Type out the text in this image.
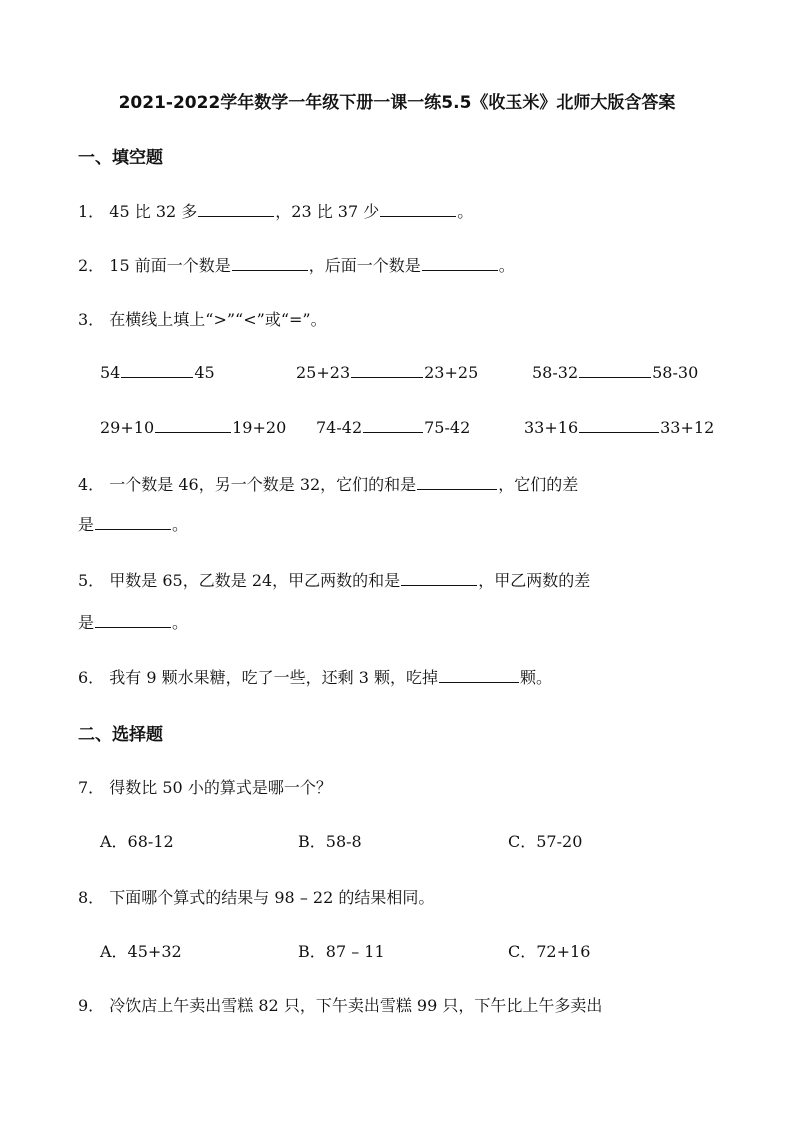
2021-2022学年数学一年级下册一课一练5.5《收玉米》北师大版含答案
一、填空题
1． 45 比 32 多	，23 比 37 少	。
2． 15 前面一个数是	，后面一个数是	。
3． 在横线上填上“>”“<”或“=”。
54	45	25+23	23+25	58-32	58-30
29+10	19+20 74-42	75-42	33+16	33+12
4． 一个数是 46，另一个数是 32，它们的和是	，它们的差
是	。
5． 甲数是 65，乙数是 24，甲乙两数的和是	，甲乙两数的差
是	。
6． 我有 9 颗水果糖，吃了一些，还剩 3 颗，吃掉	颗。
二、选择题
7． 得数比 50 小的算式是哪一个？
A．68-12	B．58-8	C．57-20
8． 下面哪个算式的结果与 98 – 22 的结果相同。
A．45+32	B．87 – 11	C．72+16
9． 冷饮店上午卖出雪糕 82 只，下午卖出雪糕 99 只，下午比上午多卖出
